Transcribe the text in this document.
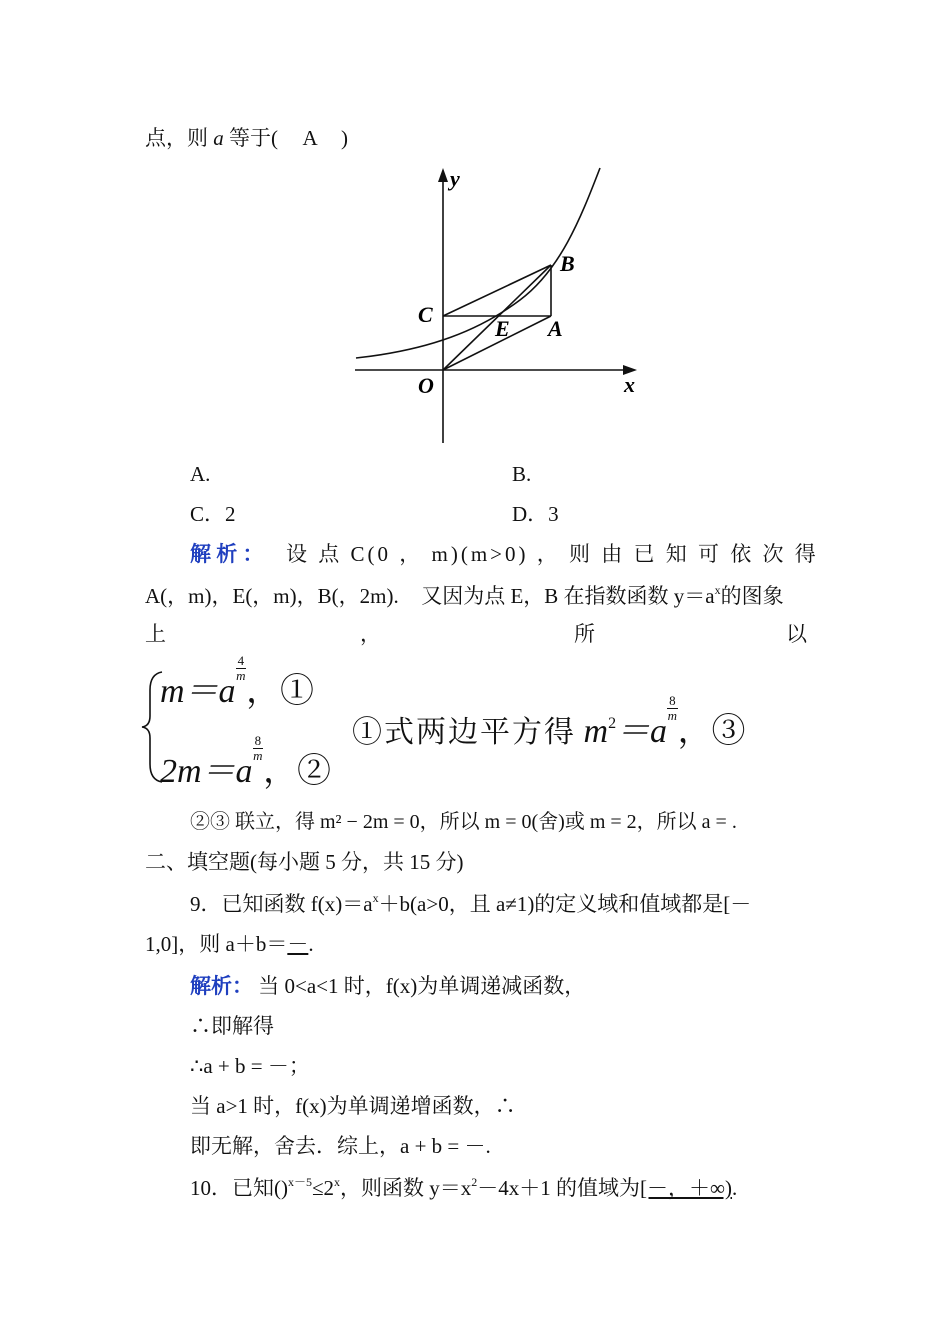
点，则 a 等于( A )
y
x
O
C
E A
B
A.	B.
C．2	D．3
解 析 ： 设 点 C(0 ， m)(m>0) ， 则 由 已 知 可 依 次 得
A(，m)，E(，m)，B(，2m). 又因为点 E，B 在指数函数 $y=a^x$的图象
上	，	所	以
m＝a
$\frac{4}{m}$
，①
2m＝a
$\frac{8}{m}$
，②
①式两边平方得 $m^2=a$
$\frac{8}{m}$
，③
②③ 联立，得 m² − 2m = 0，所以 m = 0(舍)或 m = 2，所以 a = .
二、填空题(每小题 5 分，共 15 分)
9．已知函数 $f(x)=a^x+b(a>0$，且 a≠1)的定义域和值域都是[－
1,0]，则 a＋b＝－.
解析： 当 0<a<1 时，f(x)为单调递减函数，
∴即解得
∴a + b = －；
当 a>1 时，f(x)为单调递增函数，∴
即无解，舍去．综上，a + b = －.
10．已知$()^{x-5}\le 2^x$，则函数 $y=x^2-4x+1$ 的值域为[－，＋∞).
